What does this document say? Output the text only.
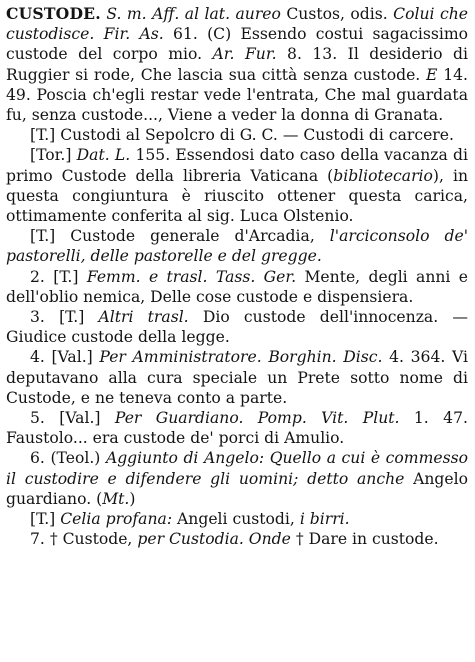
CUSTODE. S. m. Aff. al lat. aureo Custos, odis. Colui che custodisce. Fir. As. 61. (C) Essendo costui sagacissimo custode del corpo mio. Ar. Fur. 8. 13. Il desiderio di Ruggier si rode, Che lascia sua città senza custode. E 14. 49. Poscia ch'egli restar vede l'entrata, Che mal guardata fu, senza custode..., Viene a veder la donna di Granata.

[T.] Custodi al Sepolcro di G. C. — Custodi di carcere.

[Tor.] Dat. L. 155. Essendosi dato caso della vacanza di primo Custode della libreria Vaticana (bibliotecario), in questa congiuntura è riuscito ottener questa carica, ottimamente conferita al sig. Luca Olstenio.

[T.] Custode generale d'Arcadia, l'arciconsolo de' pastorelli, delle pastorelle e del gregge.

2. [T.] Femm. e trasl. Tass. Ger. Mente, degli anni e dell'oblio nemica, Delle cose custode e dispensiera.

3. [T.] Altri trasl. Dio custode dell'innocenza. — Giudice custode della legge.

4. [Val.] Per Amministratore. Borghin. Disc. 4. 364. Vi deputavano alla cura speciale un Prete sotto nome di Custode, e ne teneva conto a parte.

5. [Val.] Per Guardiano. Pomp. Vit. Plut. 1. 47. Faustolo... era custode de' porci di Amulio.

6. (Teol.) Aggiunto di Angelo: Quello a cui è commesso il custodire e difendere gli uomini; detto anche Angelo guardiano. (Mt.)

[T.] Celia profana: Angeli custodi, i birri.

7. † Custode, per Custodia. Onde † Dare in custode.
